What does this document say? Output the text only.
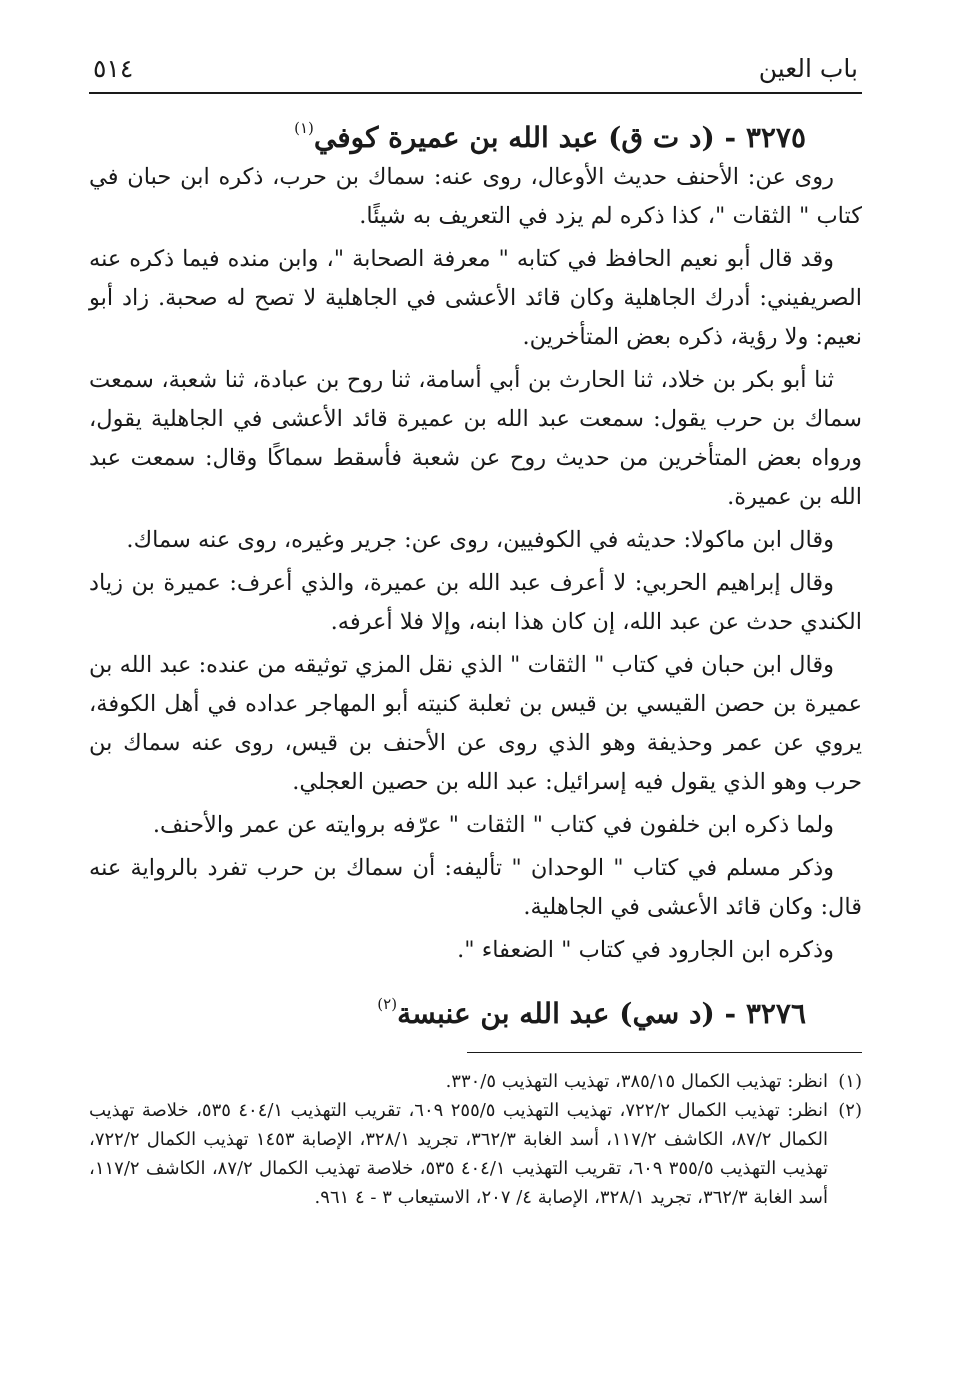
باب العين
٥١٤
٣٢٧٥ - (د ت ق) عبد الله بن عميرة كوفي$^{(١)}$

روى عن: الأحنف حديث الأوعال، روى عنه: سماك بن حرب، ذكره ابن حبان في كتاب " الثقات "، كذا ذكره لم يزد في التعريف به شيئًا.

وقد قال أبو نعيم الحافظ في كتابه " معرفة الصحابة "، وابن منده فيما ذكره عنه الصريفيني: أدرك الجاهلية وكان قائد الأعشى في الجاهلية لا تصح له صحبة. زاد أبو نعيم: ولا رؤية، ذكره بعض المتأخرين.

ثنا أبو بكر بن خلاد، ثنا الحارث بن أبي أسامة، ثنا روح بن عبادة، ثنا شعبة، سمعت سماك بن حرب يقول: سمعت عبد الله بن عميرة قائد الأعشى في الجاهلية يقول، ورواه بعض المتأخرين من حديث روح عن شعبة فأسقط سماكًا وقال: سمعت عبد الله بن عميرة.

وقال ابن ماكولا: حديثه في الكوفيين، روى عن: جرير وغيره، روى عنه سماك.

وقال إبراهيم الحربي: لا أعرف عبد الله بن عميرة، والذي أعرف: عميرة بن زياد الكندي حدث عن عبد الله، إن كان هذا ابنه، وإلا فلا أعرفه.

وقال ابن حبان في كتاب " الثقات " الذي نقل المزي توثيقه من عنده: عبد الله بن عميرة بن حصن القيسي بن قيس بن ثعلبة كنيته أبو المهاجر عداده في أهل الكوفة، يروي عن عمر وحذيفة وهو الذي روى عن الأحنف بن قيس، روى عنه سماك بن حرب وهو الذي يقول فيه إسرائيل: عبد الله بن حصين العجلي.

ولما ذكره ابن خلفون في كتاب " الثقات " عرّفه بروايته عن عمر والأحنف.

وذكر مسلم في كتاب " الوحدان " تأليفه: أن سماك بن حرب تفرد بالرواية عنه قال: وكان قائد الأعشى في الجاهلية.

وذكره ابن الجارود في كتاب " الضعفاء ".

٣٢٧٦ - (د سي) عبد الله بن عنبسة$^{(٢)}$
(١)
انظر: تهذيب الكمال ٣٨٥/١٥، تهذيب التهذيب ٣٣٠/٥.
(٢)
انظر: تهذيب الكمال ٧٢٢/٢، تهذيب التهذيب ٢٥٥/٥ ٦٠٩، تقريب التهذيب ٤٠٤/١ ٥٣٥، خلاصة تهذيب الكمال ٨٧/٢، الكاشف ١١٧/٢، أسد الغابة ٣٦٢/٣، تجريد ٣٢٨/١، الإصابة ١٤٥٣ تهذيب الكمال ٧٢٢/٢، تهذيب التهذيب ٣٥٥/٥ ٦٠٩، تقريب التهذيب ٤٠٤/١ ٥٣٥، خلاصة تهذيب الكمال ٨٧/٢، الكاشف ١١٧/٢، أسد الغابة ٣٦٢/٣، تجريد ٣٢٨/١، الإصابة ٤/ ٢٠٧، الاستيعاب ٣ - ٤ ٩٦١.
